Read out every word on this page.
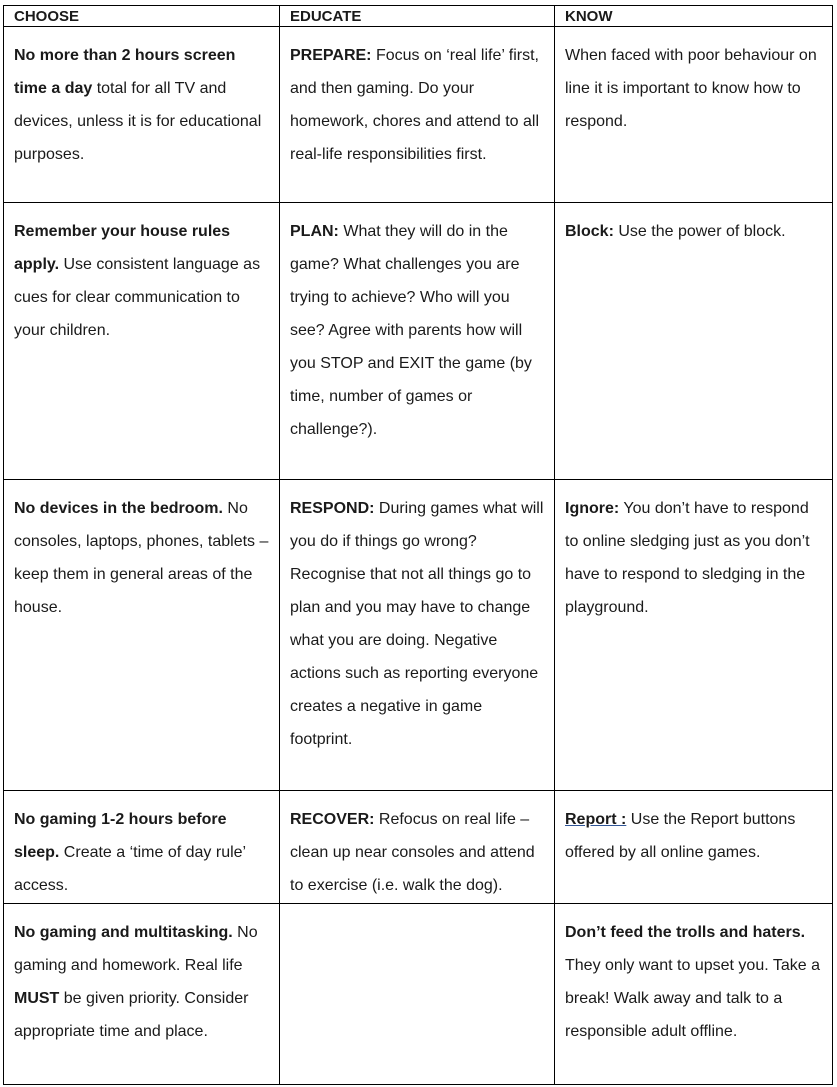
CHOOSE	EDUCATE	KNOW
No more than 2 hours screen time a day total for all TV and devices, unless it is for educational purposes.	PREPARE: Focus on ‘real life’ first, and then gaming. Do your homework, chores and attend to all real-life responsibilities first.	When faced with poor behaviour on line it is important to know how to respond.
Remember your house rules apply. Use consistent language as cues for clear communication to your children.	PLAN: What they will do in the game? What challenges you are trying to achieve? Who will you see? Agree with parents how will you STOP and EXIT the game (by time, number of games or challenge?).	Block: Use the power of block.
No devices in the bedroom. No consoles, laptops, phones, tablets – keep them in general areas of the house.	RESPOND: During games what will you do if things go wrong? Recognise that not all things go to plan and you may have to change what you are doing. Negative actions such as reporting everyone creates a negative in game footprint.	Ignore: You don’t have to respond to online sledging just as you don’t have to respond to sledging in the playground.
No gaming 1-2 hours before sleep. Create a ‘time of day rule’ access.	RECOVER: Refocus on real life – clean up near consoles and attend to exercise (i.e. walk the dog).	Report : Use the Report buttons offered by all online games.
No gaming and multitasking. No gaming and homework. Real life MUST be given priority. Consider appropriate time and place.		Don’t feed the trolls and haters. They only want to upset you. Take a break! Walk away and talk to a responsible adult offline.
